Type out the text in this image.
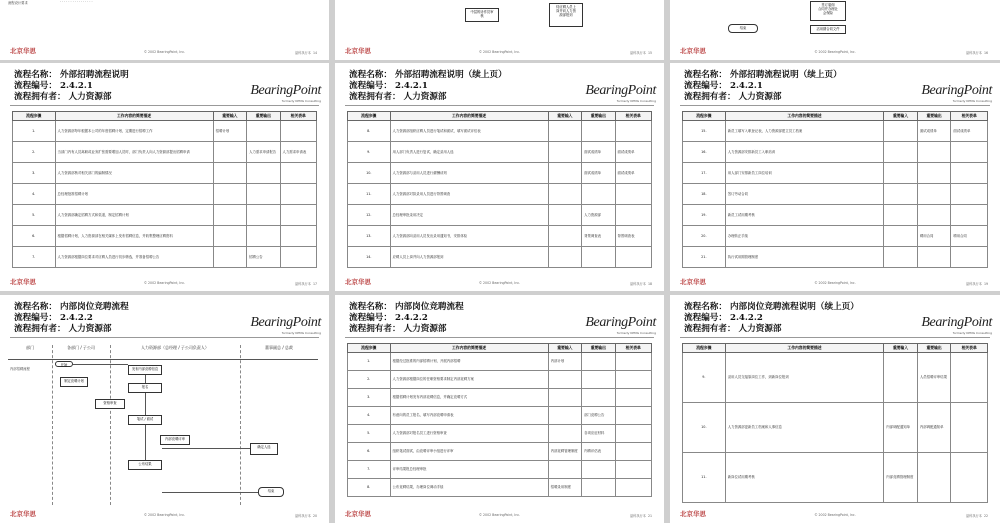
流程设计要求	· · · · · · · · · · · · · · · ·
北京华思	© 2002 BearingPoint, Inc.	晶科执行本 14
中层的协作员审
核
待应聘人员上
岗并向人力资
源部报到
北京华思	© 2002 BearingPoint, Inc.	晶科执行本 15
结束
签订雇佣
合同并办理社
会保险
活用期合同文件
北京华思	© 2002 BearingPoint, Inc.	晶科执行本 16
流程名称： 外部招聘流程说明
流程编号： 2.4.2.1
流程拥有者： 人力资源部	BearingPoint
formerly KPMG Consulting
流程步骤	工作内容的简要描述	重要输入	重要输出	相关表单
1.	人力资源部每年根据本公司的年度招聘计划，定期进行招聘工作	招聘计划		
2.	当部门内有人员离职或业务扩张需要增加人员时，部门负责人向人力资源部提出招聘申请		人力需求申请报告	人力需求申请表
3.	人力资源部核对相关部门的编制情况			
4.	总经理批准招聘计划			
5.	人力资源部确定招聘方式和渠道，制定招聘计划			
6.	根据招聘计划，人力资源部在相关媒体上发布招聘信息，并收集整理应聘资料			
7.	人力资源部根据岗位要求对应聘人员进行初步筛选，并准备招聘公告		招聘公告	
北京华思	© 2002 BearingPoint, Inc.	晶科执行本 17
流程名称： 外部招聘流程说明（续上页）
流程编号： 2.4.2.1
流程拥有者： 人力资源部	BearingPoint
formerly KPMG Consulting
流程步骤	工作内容的简要描述	重要输入	重要输出	相关表单
8.	人力资源部组织应聘人员进行笔试和面试，填写面试评估表			
9.	用人部门负责人进行复试，确定录用人选		面试成绩单	面试成绩单
10.	人力资源部与录用人员进行薪酬谈判		面试成绩单	面试成绩单
11.	人力资源部对拟录用人员进行背景调查			
12.	总经理审批录用决定		人力资源部	
13.	人力资源部向录用人员发出录用通知书，安排体检		背景调查表	背景调查表
14.	应聘人员上岗并向人力资源部报到			
北京华思	© 2002 BearingPoint, Inc.	晶科执行本 18
流程名称： 外部招聘流程说明（续上页）
流程编号： 2.4.2.1
流程拥有者： 人力资源部	BearingPoint
formerly KPMG Consulting
流程步骤	工作内容的简要描述	重要输入	重要输出	相关表单
15.	新员工填写入职登记表，人力资源部建立员工档案		面试成绩单	面试成绩单
16.	人力资源部安排新员工入职培训			
17.	用人部门安排新员工岗位培训			
18.	签订劳动合同			
19.	新员工试用期考核			
20.	办理转正手续		聘用合同	聘用合同
21.	执行试用期管理制度			
北京华思	© 2002 BearingPoint, Inc.	晶科执行本 19
流程名称： 内部岗位竞聘流程
流程编号： 2.4.2.2
流程拥有者： 人力资源部	BearingPoint
formerly KPMG Consulting
部门	各部门 / 子公司	人力资源部（总经理 / 子公司负责人）	董事副总 / 总裁
内部招聘流程
开始
制定竞聘计划
发布内部竞聘信息
报名
资格审查
笔试 / 面试
内部竞聘评审
确定人选
公布结果
结束
北京华思	© 2002 BearingPoint, Inc.	晶科执行本 20
流程名称： 内部岗位竞聘流程
流程编号： 2.4.2.2
流程拥有者： 人力资源部	BearingPoint
formerly KPMG Consulting
流程步骤	工作内容的简要描述	重要输入	重要输出	相关表单
1.	根据经过批准的内部招聘计划，开展内部招聘	内部计划		
2.	人力资源部根据岗位的任职资格要求制定内部竞聘方案			
3.	根据招聘计划发布内部竞聘信息，并确定竞聘方式			
4.	有意向的员工报名，填写内部竞聘申请表		部门竞聘公告	
5.	人力资源部对报名员工进行资格审查		各项应征材料	
6.	组织笔试面试，由竞聘评审小组进行评审	内部竞聘管理制度	内聘评估表	
7.	评审结果报总经理审批			
8.	公布竞聘结果，办理岗位调动手续	招聘录用制度		
北京华思	© 2002 BearingPoint, Inc.	晶科执行本 21
流程名称： 内部岗位竞聘流程说明（续上页）
流程编号： 2.4.2.2
流程拥有者： 人力资源部	BearingPoint
formerly KPMG Consulting
流程步骤	工作内容的简要描述	重要输入	重要输出	相关表单
9.	录用人员交接原岗位工作，到新岗位报到		人员招聘评审结果	
10.	人力资源部更新员工档案和人事信息	内部调配通知单	内部调配通知单	
11.	新岗位试用期考核	内部竞聘管理制度		
北京华思	© 2002 BearingPoint, Inc.	晶科执行本 22
